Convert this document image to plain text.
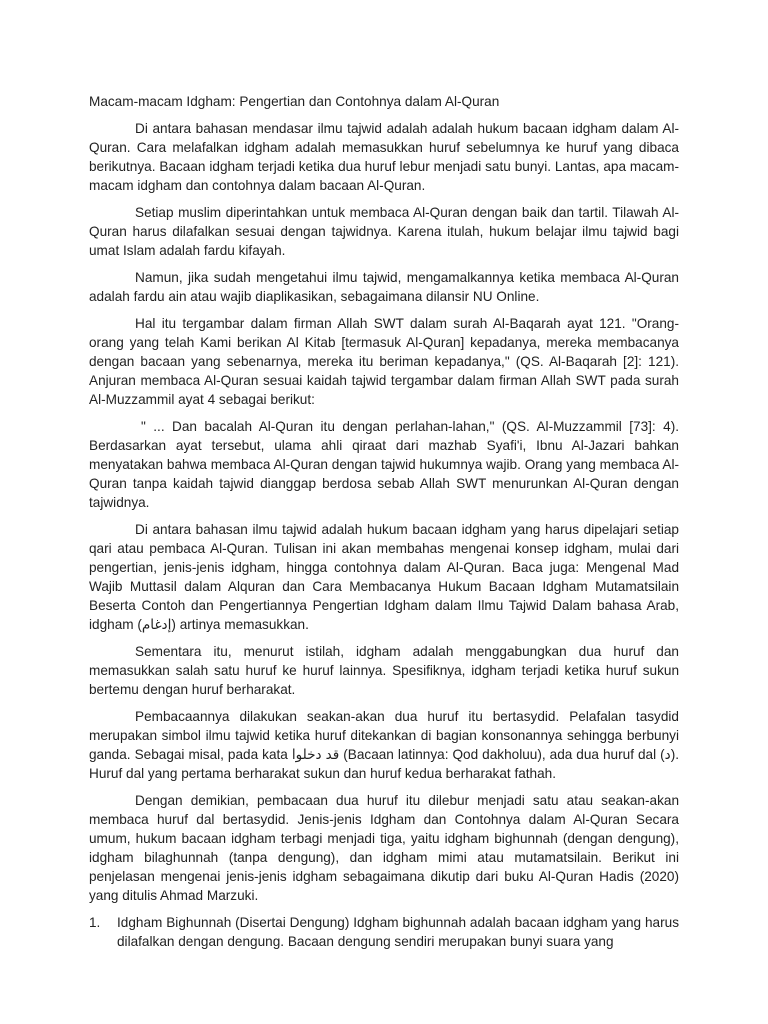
Macam-macam Idgham: Pengertian dan Contohnya dalam Al-Quran

Di antara bahasan mendasar ilmu tajwid adalah adalah hukum bacaan idgham dalam Al-Quran. Cara melafalkan idgham adalah memasukkan huruf sebelumnya ke huruf yang dibaca berikutnya. Bacaan idgham terjadi ketika dua huruf lebur menjadi satu bunyi. Lantas, apa macam-macam idgham dan contohnya dalam bacaan Al-Quran.

Setiap muslim diperintahkan untuk membaca Al-Quran dengan baik dan tartil. Tilawah Al-Quran harus dilafalkan sesuai dengan tajwidnya. Karena itulah, hukum belajar ilmu tajwid bagi umat Islam adalah fardu kifayah.

Namun, jika sudah mengetahui ilmu tajwid, mengamalkannya ketika membaca Al-Quran adalah fardu ain atau wajib diaplikasikan, sebagaimana dilansir NU Online.

Hal itu tergambar dalam firman Allah SWT dalam surah Al-Baqarah ayat 121. "Orang-orang yang telah Kami berikan Al Kitab [termasuk Al-Quran] kepadanya, mereka membacanya dengan bacaan yang sebenarnya, mereka itu beriman kepadanya," (QS. Al-Baqarah [2]: 121). Anjuran membaca Al-Quran sesuai kaidah tajwid tergambar dalam firman Allah SWT pada surah Al-Muzzammil ayat 4 sebagai berikut:

" ... Dan bacalah Al-Quran itu dengan perlahan-lahan," (QS. Al-Muzzammil [73]: 4). Berdasarkan ayat tersebut, ulama ahli qiraat dari mazhab Syafi'i, Ibnu Al-Jazari bahkan menyatakan bahwa membaca Al-Quran dengan tajwid hukumnya wajib. Orang yang membaca Al-Quran tanpa kaidah tajwid dianggap berdosa sebab Allah SWT menurunkan Al-Quran dengan tajwidnya.

Di antara bahasan ilmu tajwid adalah hukum bacaan idgham yang harus dipelajari setiap qari atau pembaca Al-Quran. Tulisan ini akan membahas mengenai konsep idgham, mulai dari pengertian, jenis-jenis idgham, hingga contohnya dalam Al-Quran. Baca juga: Mengenal Mad Wajib Muttasil dalam Alquran dan Cara Membacanya Hukum Bacaan Idgham Mutamatsilain Beserta Contoh dan Pengertiannya Pengertian Idgham dalam Ilmu Tajwid Dalam bahasa Arab, idgham (إدغام) artinya memasukkan.

Sementara itu, menurut istilah, idgham adalah menggabungkan dua huruf dan memasukkan salah satu huruf ke huruf lainnya. Spesifiknya, idgham terjadi ketika huruf sukun bertemu dengan huruf berharakat.

Pembacaannya dilakukan seakan-akan dua huruf itu bertasydid. Pelafalan tasydid merupakan simbol ilmu tajwid ketika huruf ditekankan di bagian konsonannya sehingga berbunyi ganda. Sebagai misal, pada kata قد دخلوا (Bacaan latinnya: Qod dakholuu), ada dua huruf dal (د). Huruf dal yang pertama berharakat sukun dan huruf kedua berharakat fathah.

Dengan demikian, pembacaan dua huruf itu dilebur menjadi satu atau seakan-akan membaca huruf dal bertasydid. Jenis-jenis Idgham dan Contohnya dalam Al-Quran Secara umum, hukum bacaan idgham terbagi menjadi tiga, yaitu idgham bighunnah (dengan dengung), idgham bilaghunnah (tanpa dengung), dan idgham mimi atau mutamatsilain. Berikut ini penjelasan mengenai jenis-jenis idgham sebagaimana dikutip dari buku Al-Quran Hadis (2020) yang ditulis Ahmad Marzuki.

1. Idgham Bighunnah (Disertai Dengung) Idgham bighunnah adalah bacaan idgham yang harus dilafalkan dengan dengung. Bacaan dengung sendiri merupakan bunyi suara yang
